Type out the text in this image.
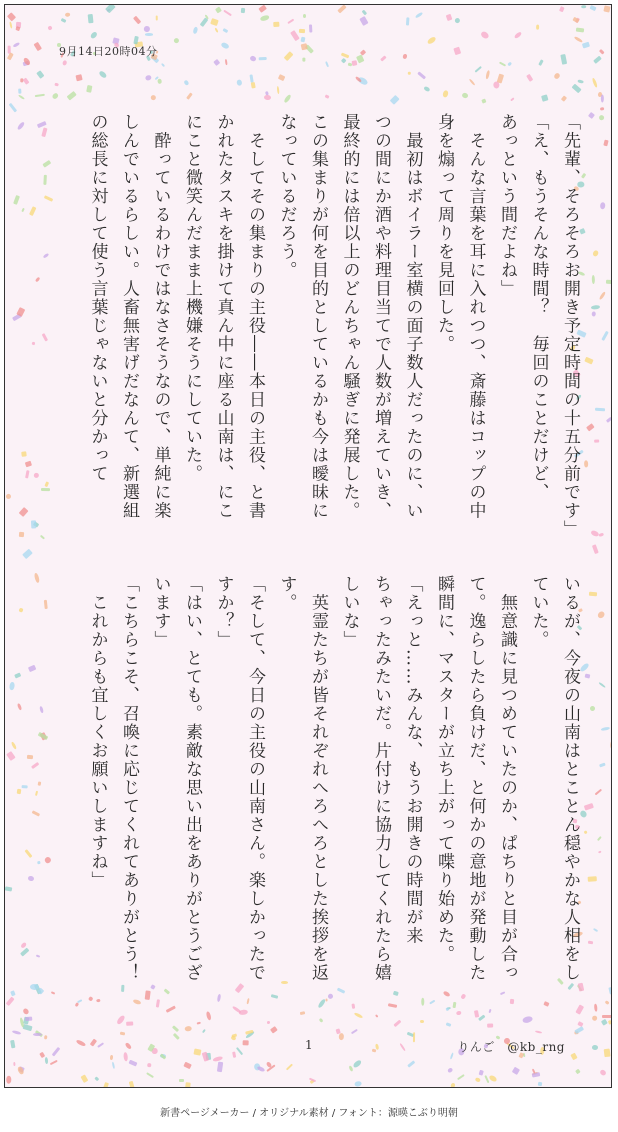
9月14日20時04分
「先輩、そろそろお開き予定時間の十五分前です」
「え、もうそんな時間？　毎回のことだけど、
あっという間だよね」
　そんな言葉を耳に入れつつ、斎藤はコップの中
身を煽って周りを見回した。
　最初はボイラー室横の面子数人だったのに、い
つの間にか酒や料理目当てで人数が増えていき、
最終的には倍以上のどんちゃん騒ぎに発展した。
この集まりが何を目的としているかも今は曖昧に
なっているだろう。
　そしてその集まりの主役――本日の主役、と書
かれたタスキを掛けて真ん中に座る山南は、にこ
にこと微笑んだまま上機嫌そうにしていた。
　酔っているわけではなさそうなので、単純に楽
しんでいるらしい。人畜無害げだなんて、新選組
の総長に対して使う言葉じゃないと分かって
いるが、今夜の山南はとことん穏やかな人相をし
ていた。
　無意識に見つめていたのか、ぱちりと目が合っ
て。逸らしたら負けだ、と何かの意地が発動した
瞬間に、マスターが立ち上がって喋り始めた。
「えっと……みんな、もうお開きの時間が来
ちゃったみたいだ。片付けに協力してくれたら嬉
しいな」
　英霊たちが皆それぞれへろへろとした挨拶を返
す。
「そして、今日の主役の山南さん。楽しかったで
すか？」
「はい、とても。素敵な思い出をありがとうござ
います」
「こちらこそ、召喚に応じてくれてありがとう！
　これからも宜しくお願いしますね」
1	りんご　@kb_rng
新書ページメーカー / オリジナル素材 / フォント：源暎こぶり明朝
